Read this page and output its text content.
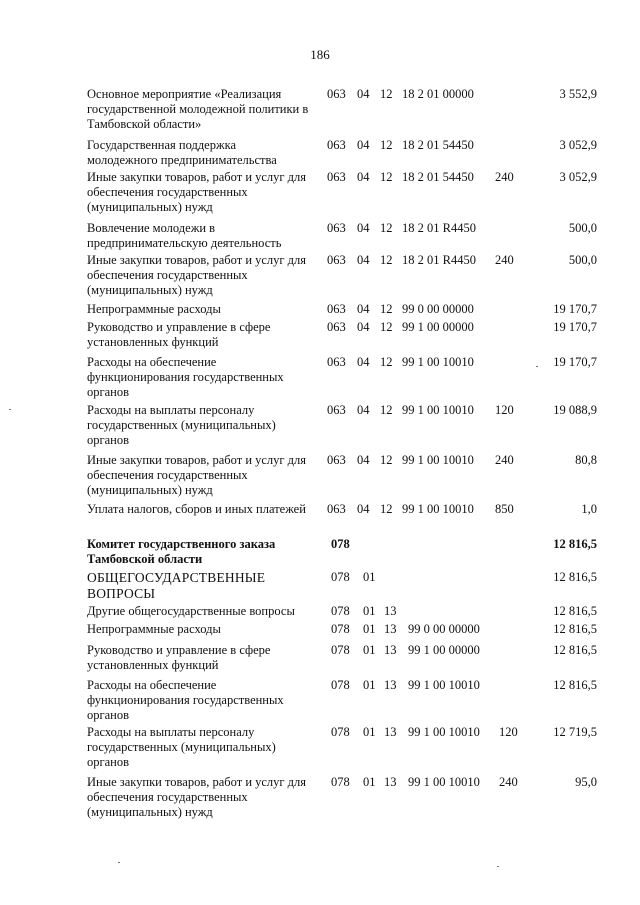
186
Основное мероприятие «Реализация государственной молодежной политики в Тамбовской области»
063 04 12 18 2 01 00000	3 552,9
Государственная поддержка молодежного предпринимательства
063 04 12 18 2 01 54450	3 052,9
Иные закупки товаров, работ и услуг для обеспечения государственных (муниципальных) нужд
063 04 12 18 2 01 54450 240	3 052,9
Вовлечение молодежи в предпринимательскую деятельность
063 04 12 18 2 01 R4450	500,0
Иные закупки товаров, работ и услуг для обеспечения государственных (муниципальных) нужд
063 04 12 18 2 01 R4450 240	500,0
Непрограммные расходы	063 04 12 99 0 00 00000	19 170,7
Руководство и управление в сфере установленных функций
063 04 12 99 1 00 00000	19 170,7
Расходы на обеспечение функционирования государственных органов
063 04 12 99 1 00 10010	19 170,7
Расходы на выплаты персоналу государственных (муниципальных) органов
063 04 12 99 1 00 10010 120	19 088,9
Иные закупки товаров, работ и услуг для обеспечения государственных (муниципальных) нужд
063 04 12 99 1 00 10010 240	80,8
Уплата налогов, сборов и иных платежей 063 04 12 99 1 00 10010 850	1,0
Комитет государственного заказа Тамбовской области
078	12 816,5
ОБЩЕГОСУДАРСТВЕННЫЕ ВОПРОСЫ
078 01	12 816,5
Другие общегосударственные вопросы	078 01 13	12 816,5
Непрограммные расходы	078 01 13 99 0 00 00000	12 816,5
Руководство и управление в сфере установленных функций
078 01 13 99 1 00 00000	12 816,5
Расходы на обеспечение функционирования государственных органов
078 01 13 99 1 00 10010	12 816,5
Расходы на выплаты персоналу государственных (муниципальных) органов
078 01 13 99 1 00 10010 120	12 719,5
Иные закупки товаров, работ и услуг для обеспечения государственных (муниципальных) нужд
078 01 13 99 1 00 10010 240	95,0
